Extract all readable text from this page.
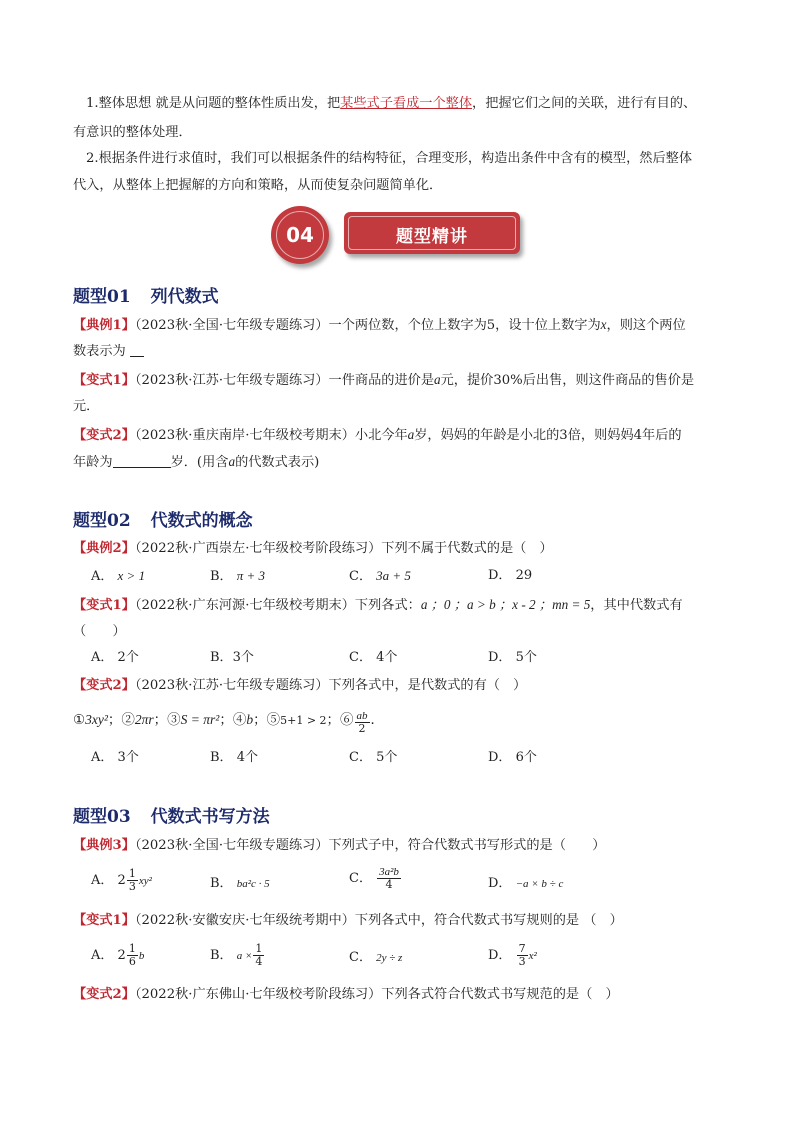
1.整体思想 就是从问题的整体性质出发，把某些式子看成一个整体，把握它们之间的关联，进行有目的、
有意识的整体处理．
2.根据条件进行求值时，我们可以根据条件的结构特征，合理变形，构造出条件中含有的模型，然后整体
代入，从整体上把握解的方向和策略，从而使复杂问题简单化．
题型精讲
04
题型01 列代数式
【典例1】（2023秋·全国·七年级专题练习）一个两位数，个位上数字为5，设十位上数字为x，则这个两位
数表示为
【变式1】（2023秋·江苏·七年级专题练习）一件商品的进价是a元，提价30%后出售，则这件商品的售价是
元．
【变式2】（2023秋·重庆南岸·七年级校考期末）小北今年a岁，妈妈的年龄是小北的3倍，则妈妈4年后的
年龄为	岁．(用含a的代数式表示)
题型02 代数式的概念
【典例2】（2022秋·广西崇左·七年级校考阶段练习）下列不属于代数式的是（　）
A． x > 1	B． π + 3	C． 3a + 5	D． 29
【变式1】（2022秋·广东河源·七年级校考期末）下列各式：a ；0 ；a > b ；x - 2 ；mn = 5，其中代数式有
（　　）
A． 2个	B．3个	C． 4个	D． 5个
【变式2】（2023秋·江苏·七年级专题练习）下列各式中，是代数式的有（　）
①3xy²；②2πr；③S = πr²；④b；⑤5+1 > 2；⑥ $\frac{ab}{2}$ ．
A． 3个	B． 4个	C． 5个	D． 6个
题型03 代数式书写方法
【典例3】（2023秋·全国·七年级专题练习）下列式子中，符合代数式书写形式的是（　　）
A． $2 \frac{1}{3} xy^2$	B． ba²c · 5	C． $\frac{\text{3a²b}}{4}$	D． −a × b ÷ c
【变式1】（2022秋·安徽安庆·七年级统考期中）下列各式中，符合代数式书写规则的是 （　）
A． $2 \frac{1}{6}$ b	B． $a \times \frac{1}{4}$	C． 2y ÷ z	D． $\frac{7}{3} x^2$
【变式2】（2022秋·广东佛山·七年级校考阶段练习）下列各式符合代数式书写规范的是（　）
